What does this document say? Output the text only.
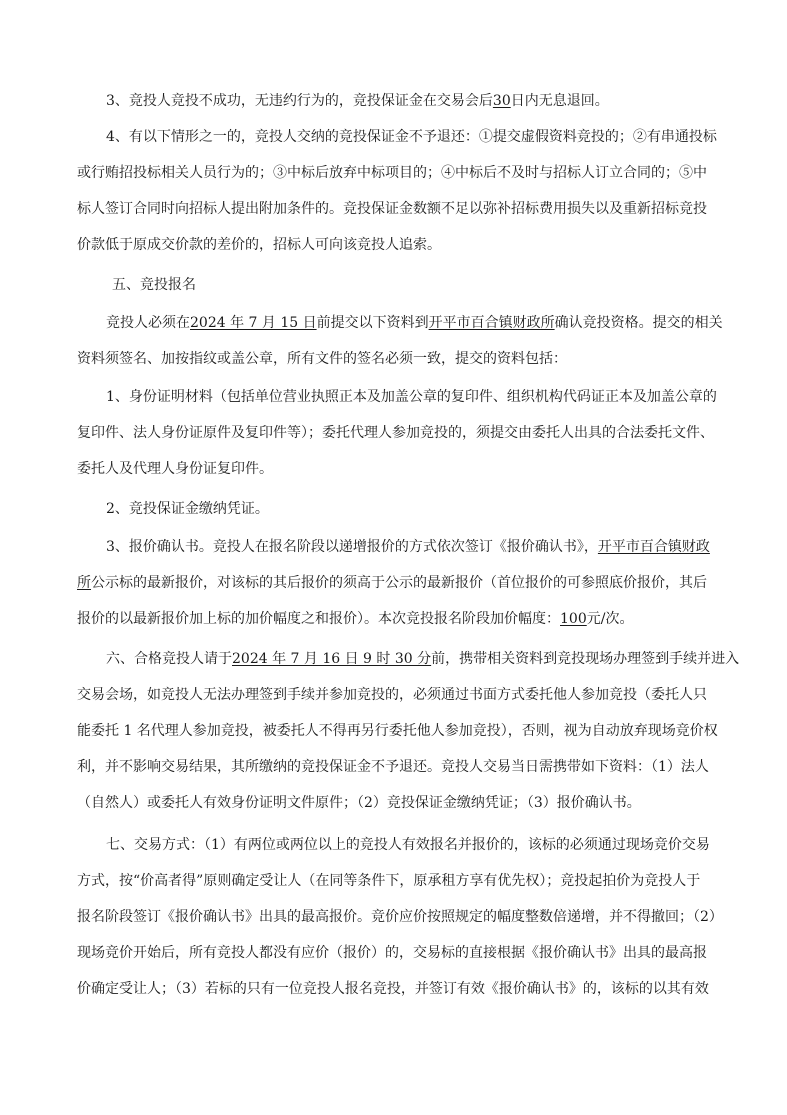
3、竞投人竞投不成功，无违约行为的，竞投保证金在交易会后30日内无息退回。
4、有以下情形之一的，竞投人交纳的竞投保证金不予退还：①提交虚假资料竞投的；②有串通投标
或行贿招投标相关人员行为的；③中标后放弃中标项目的；④中标后不及时与招标人订立合同的；⑤中
标人签订合同时向招标人提出附加条件的。竞投保证金数额不足以弥补招标费用损失以及重新招标竞投
价款低于原成交价款的差价的，招标人可向该竞投人追索。
五、竞投报名
竞投人必须在2024 年 7 月 15 日前提交以下资料到开平市百合镇财政所确认竞投资格。提交的相关
资料须签名、加按指纹或盖公章，所有文件的签名必须一致，提交的资料包括：
1、身份证明材料（包括单位营业执照正本及加盖公章的复印件、组织机构代码证正本及加盖公章的
复印件、法人身份证原件及复印件等）；委托代理人参加竞投的，须提交由委托人出具的合法委托文件、
委托人及代理人身份证复印件。
2、竞投保证金缴纳凭证。
3、报价确认书。竞投人在报名阶段以递增报价的方式依次签订《报价确认书》，开平市百合镇财政
所公示标的最新报价，对该标的其后报价的须高于公示的最新报价（首位报价的可参照底价报价，其后
报价的以最新报价加上标的加价幅度之和报价）。本次竞投报名阶段加价幅度：100元/次。
六、合格竞投人请于2024 年 7 月 16 日 9 时 30 分前，携带相关资料到竞投现场办理签到手续并进入
交易会场，如竞投人无法办理签到手续并参加竞投的，必须通过书面方式委托他人参加竞投（委托人只
能委托 1 名代理人参加竞投，被委托人不得再另行委托他人参加竞投），否则，视为自动放弃现场竞价权
利，并不影响交易结果，其所缴纳的竞投保证金不予退还。竞投人交易当日需携带如下资料：（1）法人
（自然人）或委托人有效身份证明文件原件；（2）竞投保证金缴纳凭证；（3）报价确认书。
七、交易方式：（1）有两位或两位以上的竞投人有效报名并报价的，该标的必须通过现场竞价交易
方式，按“价高者得”原则确定受让人（在同等条件下，原承租方享有优先权）；竞投起拍价为竞投人于
报名阶段签订《报价确认书》出具的最高报价。竞价应价按照规定的幅度整数倍递增，并不得撤回；（2）
现场竞价开始后，所有竞投人都没有应价（报价）的，交易标的直接根据《报价确认书》出具的最高报
价确定受让人；（3）若标的只有一位竞投人报名竞投，并签订有效《报价确认书》的，该标的以其有效
